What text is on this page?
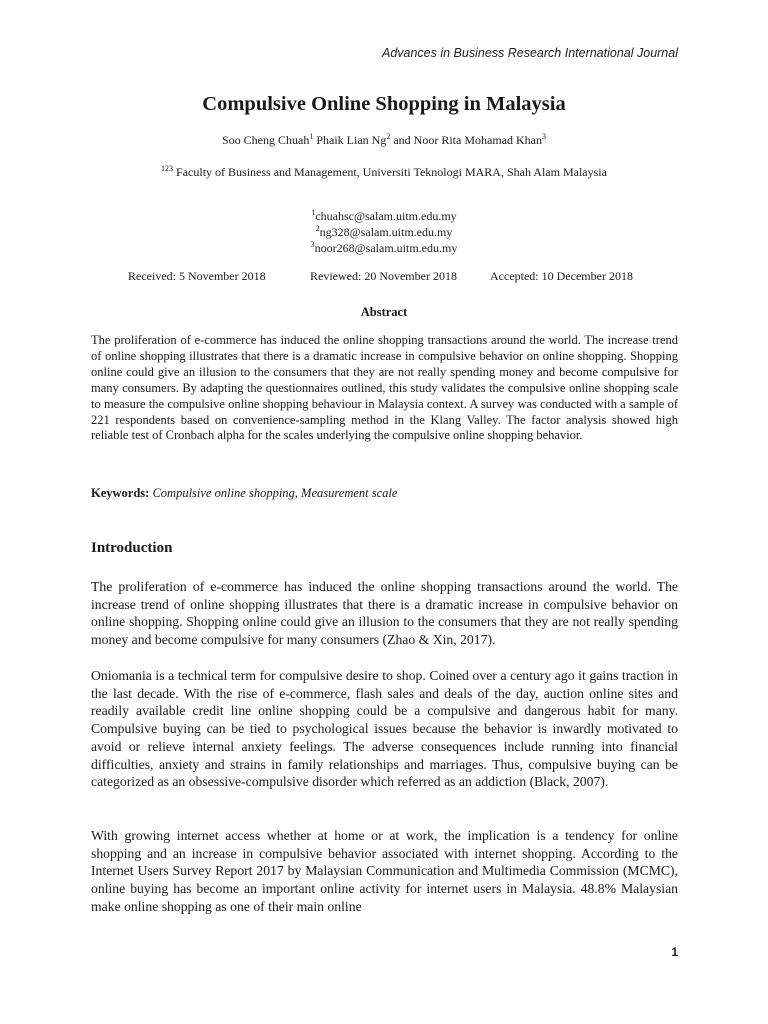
Advances in Business Research International Journal
Compulsive Online Shopping in Malaysia
Soo Cheng Chuah$^1$ Phaik Lian Ng$^2$ and Noor Rita Mohamad Khan$^3$
$^{123}$ Faculty of Business and Management, Universiti Teknologi MARA, Shah Alam Malaysia
$^1$chuahsc@salam.uitm.edu.my
$^2$ng328@salam.uitm.edu.my
$^3$noor268@salam.uitm.edu.my
Received: 5 November 2018	Reviewed: 20 November 2018	Accepted: 10 December 2018
Abstract

The proliferation of e-commerce has induced the online shopping transactions around the world. The increase trend of online shopping illustrates that there is a dramatic increase in compulsive behavior on online shopping. Shopping online could give an illusion to the consumers that they are not really spending money and become compulsive for many consumers. By adapting the questionnaires outlined, this study validates the compulsive online shopping scale to measure the compulsive online shopping behaviour in Malaysia context. A survey was conducted with a sample of 221 respondents based on convenience-sampling method in the Klang Valley. The factor analysis showed high reliable test of Cronbach alpha for the scales underlying the compulsive online shopping behavior.

Keywords: Compulsive online shopping, Measurement scale
Introduction

The proliferation of e-commerce has induced the online shopping transactions around the world. The increase trend of online shopping illustrates that there is a dramatic increase in compulsive behavior on online shopping. Shopping online could give an illusion to the consumers that they are not really spending money and become compulsive for many consumers (Zhao & Xin, 2017).

Oniomania is a technical term for compulsive desire to shop. Coined over a century ago it gains traction in the last decade. With the rise of e-commerce, flash sales and deals of the day, auction online sites and readily available credit line online shopping could be a compulsive and dangerous habit for many. Compulsive buying can be tied to psychological issues because the behavior is inwardly motivated to avoid or relieve internal anxiety feelings. The adverse consequences include running into financial difficulties, anxiety and strains in family relationships and marriages. Thus, compulsive buying can be categorized as an obsessive-compulsive disorder which referred as an addiction (Black, 2007).

With growing internet access whether at home or at work, the implication is a tendency for online shopping and an increase in compulsive behavior associated with internet shopping. According to the Internet Users Survey Report 2017 by Malaysian Communication and Multimedia Commission (MCMC), online buying has become an important online activity for internet users in Malaysia. 48.8% Malaysian make online shopping as one of their main online

1
